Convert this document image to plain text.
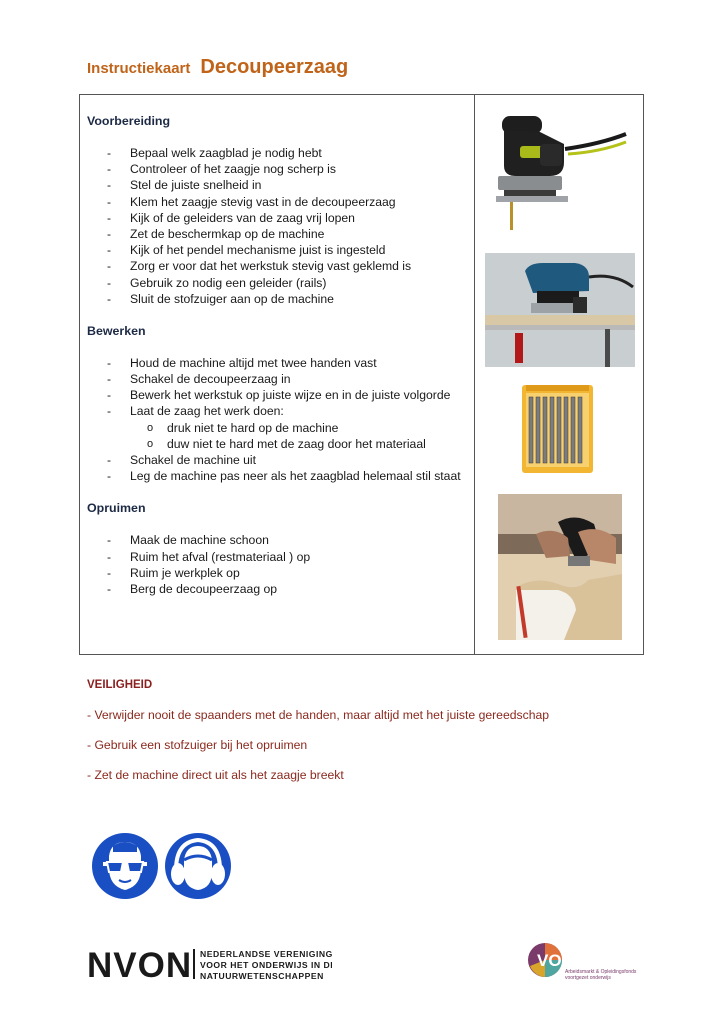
Instructiekaart Decoupeerzaag
Voorbereiding
- Bepaal welk zaagblad je nodig hebt
- Controleer of het zaagje nog scherp is
- Stel de juiste snelheid in
- Klem het zaagje stevig vast in de decoupeerzaag
- Kijk of de geleiders van de zaag vrij lopen
- Zet de beschermkap op de machine
- Kijk of het pendel mechanisme juist is ingesteld
- Zorg er voor dat het werkstuk stevig vast geklemd is
- Gebruik zo nodig een geleider (rails)
- Sluit de stofzuiger aan op de machine
Bewerken
- Houd de machine altijd met twee handen vast
- Schakel de decoupeerzaag in
- Bewerk het werkstuk op juiste wijze en in de juiste volgorde
- Laat de zaag het werk doen:
o druk niet te hard op de machine
o duw niet te hard met de zaag door het materiaal
- Schakel de machine uit
- Leg de machine pas neer als het zaagblad helemaal stil staat
Opruimen
- Maak de machine schoon
- Ruim het afval (restmateriaal ) op
- Ruim je werkplek op
- Berg de decoupeerzaag op
VEILIGHEID
- Verwijder nooit de spaanders met de handen, maar altijd met het juiste gereedschap
- Gebruik een stofzuiger bij het opruimen
- Zet de machine direct uit als het zaagje breekt
NVON NEDERLANDSE VERENIGING
VOOR HET ONDERWIJS IN DE
NATUURWETENSCHAPPEN
VOION
Arbeidsmarkt & Opleidingsfonds
voortgezet onderwijs
